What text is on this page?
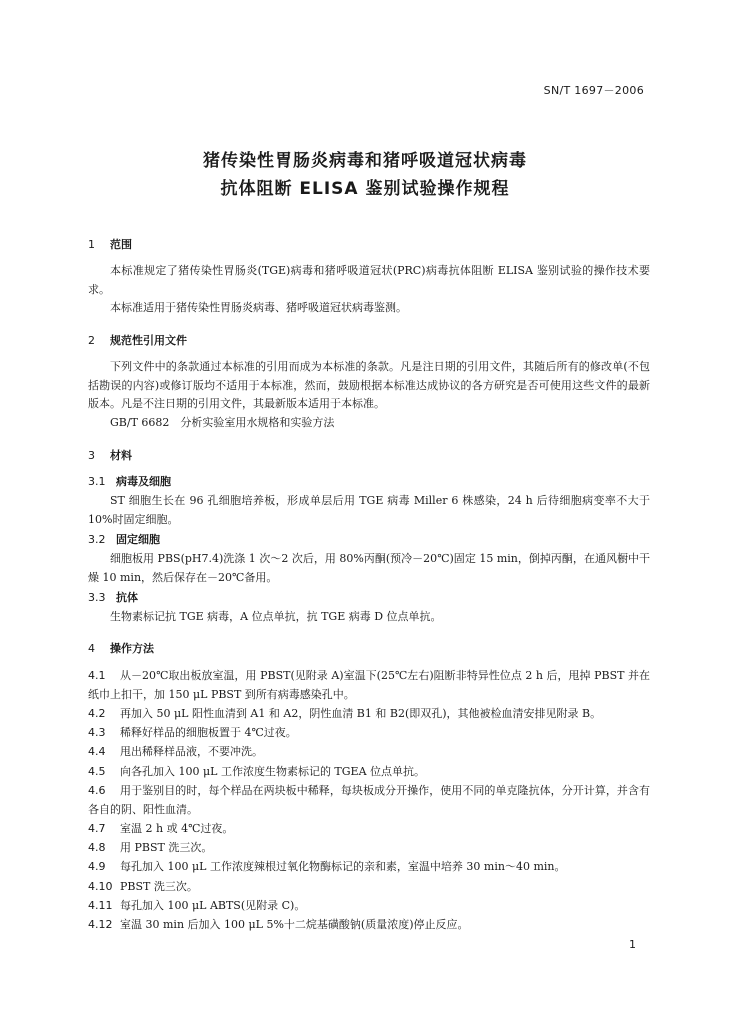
SN/T 1697－2006
猪传染性胃肠炎病毒和猪呼吸道冠状病毒
抗体阻断 ELISA 鉴别试验操作规程
1 范围
本标准规定了猪传染性胃肠炎(TGE)病毒和猪呼吸道冠状(PRC)病毒抗体阻断 ELISA 鉴别试验的操作技术要求。
本标准适用于猪传染性胃肠炎病毒、猪呼吸道冠状病毒鉴测。
2 规范性引用文件
下列文件中的条款通过本标准的引用而成为本标准的条款。凡是注日期的引用文件，其随后所有的修改单(不包括勘误的内容)或修订版均不适用于本标准，然而，鼓励根据本标准达成协议的各方研究是否可使用这些文件的最新版本。凡是不注日期的引用文件，其最新版本适用于本标准。
GB/T 6682　分析实验室用水规格和实验方法
3 材料
3.1 病毒及细胞
ST 细胞生长在 96 孔细胞培养板，形成单层后用 TGE 病毒 Miller 6 株感染，24 h 后待细胞病变率不大于 10%时固定细胞。
3.2 固定细胞
细胞板用 PBS(pH7.4)洗涤 1 次～2 次后，用 80%丙酮(预冷－20℃)固定 15 min，倒掉丙酮，在通风橱中干燥 10 min，然后保存在－20℃备用。
3.3 抗体
生物素标记抗 TGE 病毒，A 位点单抗，抗 TGE 病毒 D 位点单抗。
4 操作方法
4.1 从－20℃取出板放室温，用 PBST(见附录 A)室温下(25℃左右)阻断非特异性位点 2 h 后，甩掉 PBST 并在纸巾上扣干，加 150 μL PBST 到所有病毒感染孔中。
4.2 再加入 50 μL 阳性血清到 A1 和 A2，阴性血清 B1 和 B2(即双孔)，其他被检血清安排见附录 B。
4.3 稀释好样品的细胞板置于 4℃过夜。
4.4 甩出稀释样品液，不要冲洗。
4.5 向各孔加入 100 μL 工作浓度生物素标记的 TGEA 位点单抗。
4.6 用于鉴别目的时，每个样品在两块板中稀释，每块板成分开操作，使用不同的单克隆抗体，分开计算，并含有各自的阴、阳性血清。
4.7 室温 2 h 或 4℃过夜。
4.8 用 PBST 洗三次。
4.9 每孔加入 100 μL 工作浓度辣根过氧化物酶标记的亲和素，室温中培养 30 min～40 min。
4.10 PBST 洗三次。
4.11 每孔加入 100 μL ABTS(见附录 C)。
4.12 室温 30 min 后加入 100 μL 5%十二烷基磺酸钠(质量浓度)停止反应。
1
